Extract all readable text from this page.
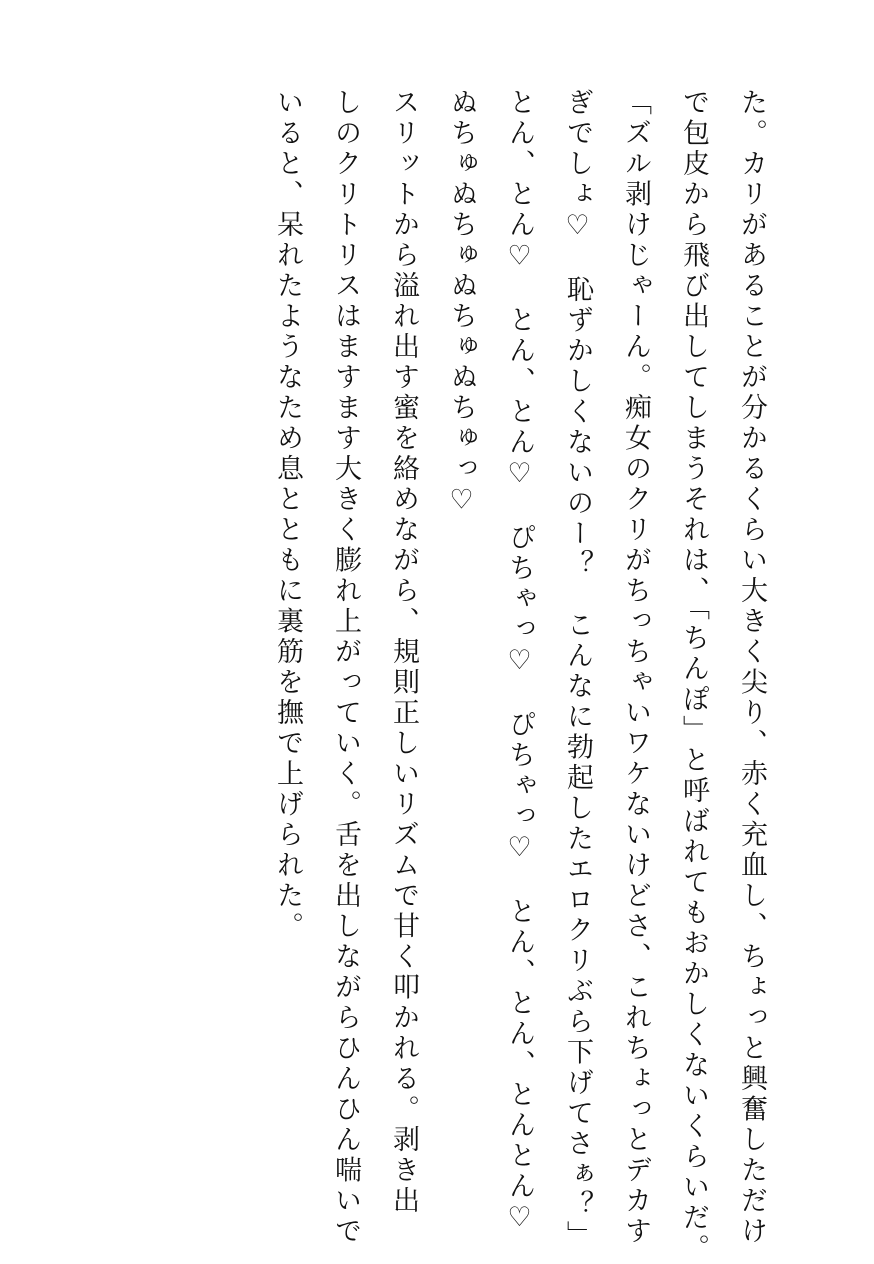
た。カリがあることが分かるくらい大きく尖り、赤く充血し、ちょっと興奮しただけ
で包皮から飛び出してしまうそれは、「ちんぽ」と呼ばれてもおかしくないくらいだ。
「ズル剥けじゃーん。痴女のクリがちっちゃいワケないけどさ、これちょっとデカす
ぎでしょ♡　恥ずかしくないのー？　こんなに勃起したエロクリぶら下げてさぁ？」
とん、とん♡　とん、とん♡　ぴちゃっ♡　ぴちゃっ♡　とん、とん、とんとん♡
ぬちゅぬちゅぬちゅぬちゅっ♡
スリットから溢れ出す蜜を絡めながら、規則正しいリズムで甘く叩かれる。剥き出
しのクリトリスはますます大きく膨れ上がっていく。舌を出しながらひんひん喘いで
いると、呆れたようなため息とともに裏筋を撫で上げられた。
